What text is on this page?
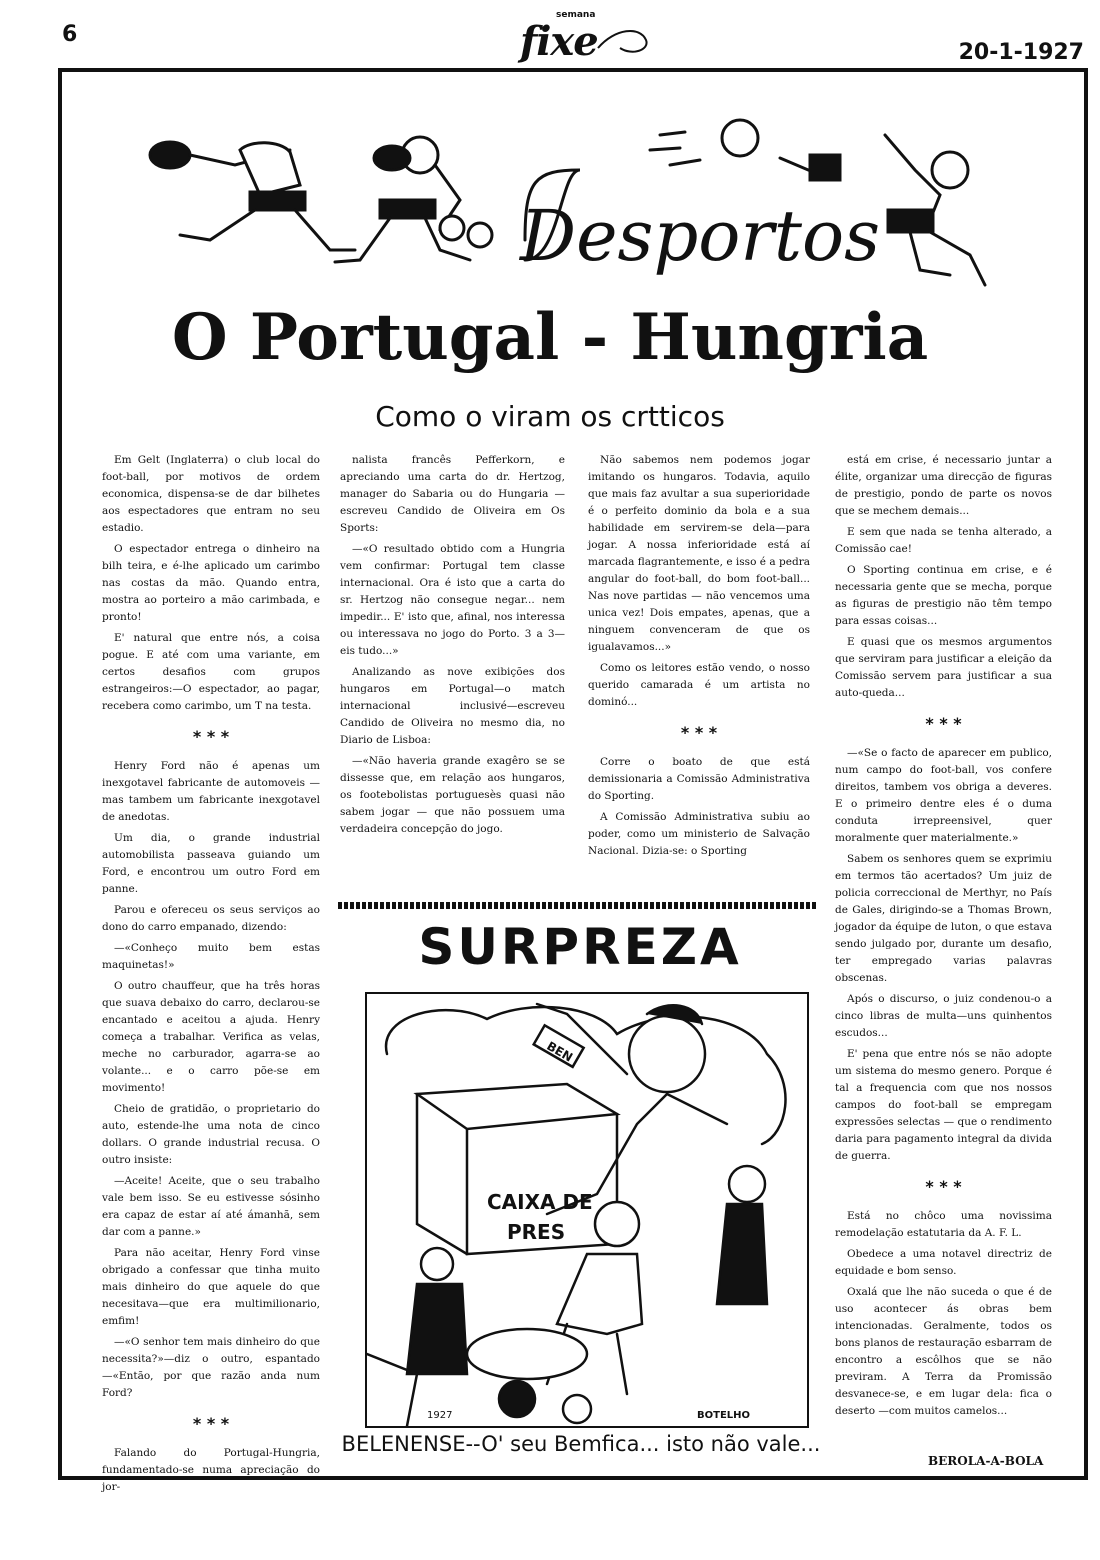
6
semana
fixe	20-1-1927
Desportos
O Portugal - Hungria
Como o viram os crtticos

Em Gelt (Inglaterra) o club local do foot-ball, por motivos de ordem economica, dispensa-se de dar bilhetes aos espectadores que entram no seu estadio.

O espectador entrega o dinheiro na bilh teira, e é-lhe aplicado um carimbo nas costas da mão. Quando entra, mostra ao porteiro a mão carimbada, e pronto!

E' natural que entre nós, a coisa pogue. E até com uma variante, em certos desafios com grupos estrangeiros:—O espectador, ao pagar, recebera como carimbo, um T na testa.

* * *

Henry Ford não é apenas um inexgotavel fabricante de automoveis — mas tambem um fabricante inexgotavel de anedotas.

Um dia, o grande industrial automobilista passeava guiando um Ford, e encontrou um outro Ford em panne.

Parou e ofereceu os seus serviços ao dono do carro empanado, dizendo:

—«Conheço muito bem estas maquinetas!»

O outro chauffeur, que ha três horas que suava debaixo do carro, declarou-se encantado e aceitou a ajuda. Henry começa a trabalhar. Verifica as velas, meche no carburador, agarra-se ao volante... e o carro põe-se em movimento!

Cheio de gratidão, o proprietario do auto, estende-lhe uma nota de cinco dollars. O grande industrial recusa. O outro insiste:

—Aceite! Aceite, que o seu trabalho vale bem isso. Se eu estivesse sósinho era capaz de estar aí até ámanhã, sem dar com a panne.»

Para não aceitar, Henry Ford vinse obrigado a confessar que tinha muito mais dinheiro do que aquele do que necesitava—que era multimilionario, emfim!

—«O senhor tem mais dinheiro do que necessita?»—diz o outro, espantado—«Então, por que razão anda num Ford?

* * *

Falando do Portugal-Hungria, fundamentado-se numa apreciação do jor-

nalista francês Pefferkorn, e apreciando uma carta do dr. Hertzog, manager do Sabaria ou do Hungaria —escreveu Candido de Oliveira em Os Sports:

—«O resultado obtido com a Hungria vem confirmar: Portugal tem classe internacional. Ora é isto que a carta do sr. Hertzog não consegue negar... nem impedir... E' isto que, afinal, nos interessa ou interessava no jogo do Porto. 3 a 3—eis tudo...»

Analizando as nove exibições dos hungaros em Portugal—o match internacional inclusivé—escreveu Candido de Oliveira no mesmo dia, no Diario de Lisboa:

—«Não haveria grande exagêro se se dissesse que, em relação aos hungaros, os footebolistas portuguesès quasi não sabem jogar — que não possuem uma verdadeira concepção do jogo.

Não sabemos nem podemos jogar imitando os hungaros. Todavia, aquilo que mais faz avultar a sua superioridade é o perfeito dominio da bola e a sua habilidade em servirem-se dela—para jogar. A nossa inferioridade está aí marcada flagrantemente, e isso é a pedra angular do foot-ball, do bom foot-ball... Nas nove partidas — não vencemos uma unica vez! Dois empates, apenas, que a ninguem convenceram de que os igualavamos...»

Como os leitores estão vendo, o nosso querido camarada é um artista no dominó...

* * *

Corre o boato de que está demissionaria a Comissão Administrativa do Sporting.

A Comissão Administrativa subiu ao poder, como um ministerio de Salvação Nacional. Dizia-se: o Sporting

está em crise, é necessario juntar a élite, organizar uma direcção de figuras de prestigio, pondo de parte os novos que se mechem demais...

E sem que nada se tenha alterado, a Comissão cae!

O Sporting continua em crise, e é necessaria gente que se mecha, porque as figuras de prestigio não têm tempo para essas coisas...

E quasi que os mesmos argumentos que serviram para justificar a eleição da Comissão servem para justificar a sua auto-queda...

* * *

—«Se o facto de aparecer em publico, num campo do foot-ball, vos confere direitos, tambem vos obriga a deveres. E o primeiro dentre eles é o duma conduta irrepreensivel, quer moralmente quer materialmente.»

Sabem os senhores quem se exprimiu em termos tão acertados? Um juiz de policia correccional de Merthyr, no País de Gales, dirigindo-se a Thomas Brown, jogador da équipe de luton, o que estava sendo julgado por, durante um desafio, ter empregado varias palavras obscenas.

Após o discurso, o juiz condenou-o a cinco libras de multa—uns quinhentos escudos...

E' pena que entre nós se não adopte um sistema do mesmo genero. Porque é tal a frequencia com que nos nossos campos do foot-ball se empregam expressões selectas — que o rendimento daria para pagamento integral da divida de guerra.

* * *

Está no chôco uma novissima remodelação estatutaria da A. F. L.

Obedece a uma notavel directriz de equidade e bom senso.

Oxalá que lhe não suceda o que é de uso acontecer ás obras bem intencionadas. Geralmente, todos os bons planos de restauração esbarram de encontro a escôlhos que se não previram. A Terra da Promissão desvanece-se, e em lugar dela: fica o deserto —com muitos camelos...

SURPREZA
CAIXA DE
PRES
BEN
1927	BOTELHO
BELENENSE--O' seu Bemfica... isto não vale...
BEROLA-A-BOLA
